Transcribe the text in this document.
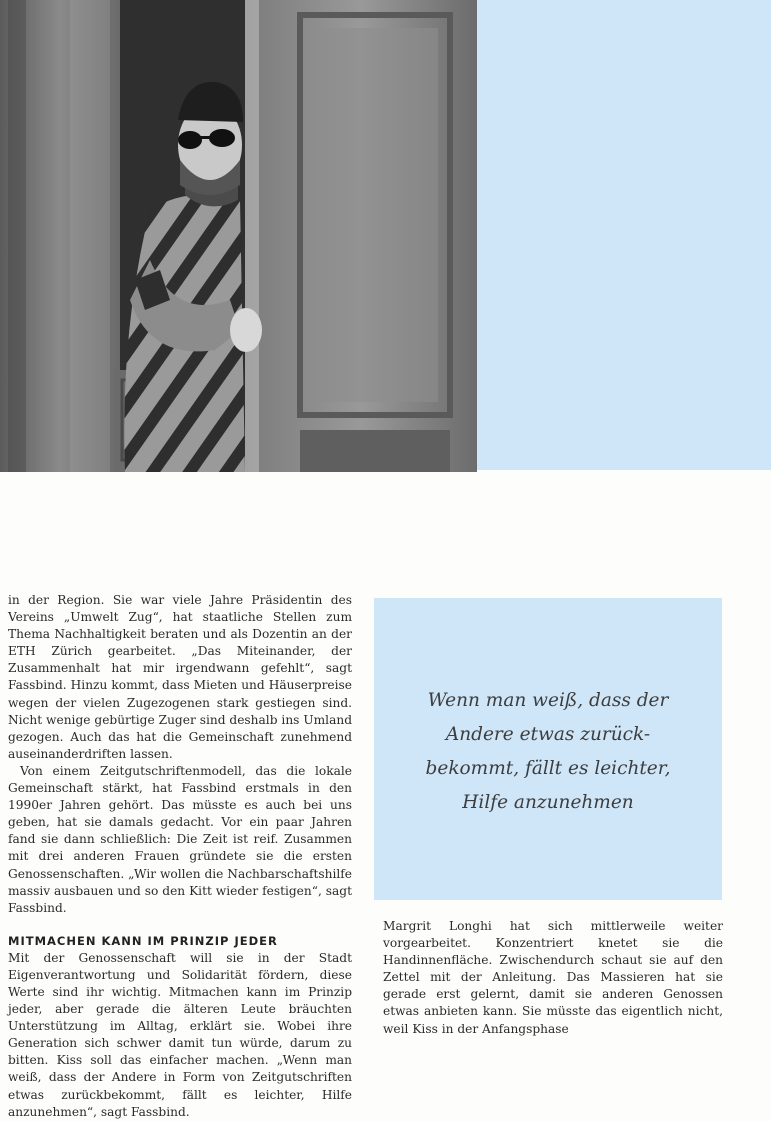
in der Region. Sie war viele Jahre Präsidentin des Vereins „Umwelt Zug“, hat staatliche Stellen zum Thema Nachhaltigkeit beraten und als Dozentin an der ETH Zürich gearbeitet. „Das Miteinander, der Zusammenhalt hat mir irgendwann gefehlt“, sagt Fassbind. Hinzu kommt, dass Mieten und Häuserpreise wegen der vielen Zugezogenen stark gestiegen sind. Nicht wenige gebürtige Zuger sind deshalb ins Umland gezogen. Auch das hat die Gemeinschaft zunehmend auseinanderdriften lassen.

Von einem Zeitgutschriftenmodell, das die lokale Gemeinschaft stärkt, hat Fassbind erstmals in den 1990er Jahren gehört. Das müsste es auch bei uns geben, hat sie damals gedacht. Vor ein paar Jahren fand sie dann schließlich: Die Zeit ist reif. Zusammen mit drei anderen Frauen gründete sie die ersten Genossenschaften. „Wir wollen die Nachbarschaftshilfe massiv ausbauen und so den Kitt wieder festigen“, sagt Fassbind.

MITMACHEN KANN IM PRINZIP JEDER

Mit der Genossenschaft will sie in der Stadt Eigenverantwortung und Solidarität fördern, diese Werte sind ihr wichtig. Mitmachen kann im Prinzip jeder, aber gerade die älteren Leute bräuchten Unterstützung im Alltag, erklärt sie. Wobei ihre Generation sich schwer damit tun würde, darum zu bitten. Kiss soll das einfacher machen. „Wenn man weiß, dass der Andere in Form von Zeitgutschriften etwas zurückbekommt, fällt es leichter, Hilfe anzunehmen“, sagt Fassbind.

Wenn man weiß, dass der
Andere etwas zurück-
bekommt, fällt es leichter,
Hilfe anzunehmen

Margrit Longhi hat sich mittlerweile weiter vorgearbeitet. Konzentriert knetet sie die Handinnenfläche. Zwischendurch schaut sie auf den Zettel mit der Anleitung. Das Massieren hat sie gerade erst gelernt, damit sie anderen Genossen etwas anbieten kann. Sie müsste das eigentlich nicht, weil Kiss in der Anfangsphase
